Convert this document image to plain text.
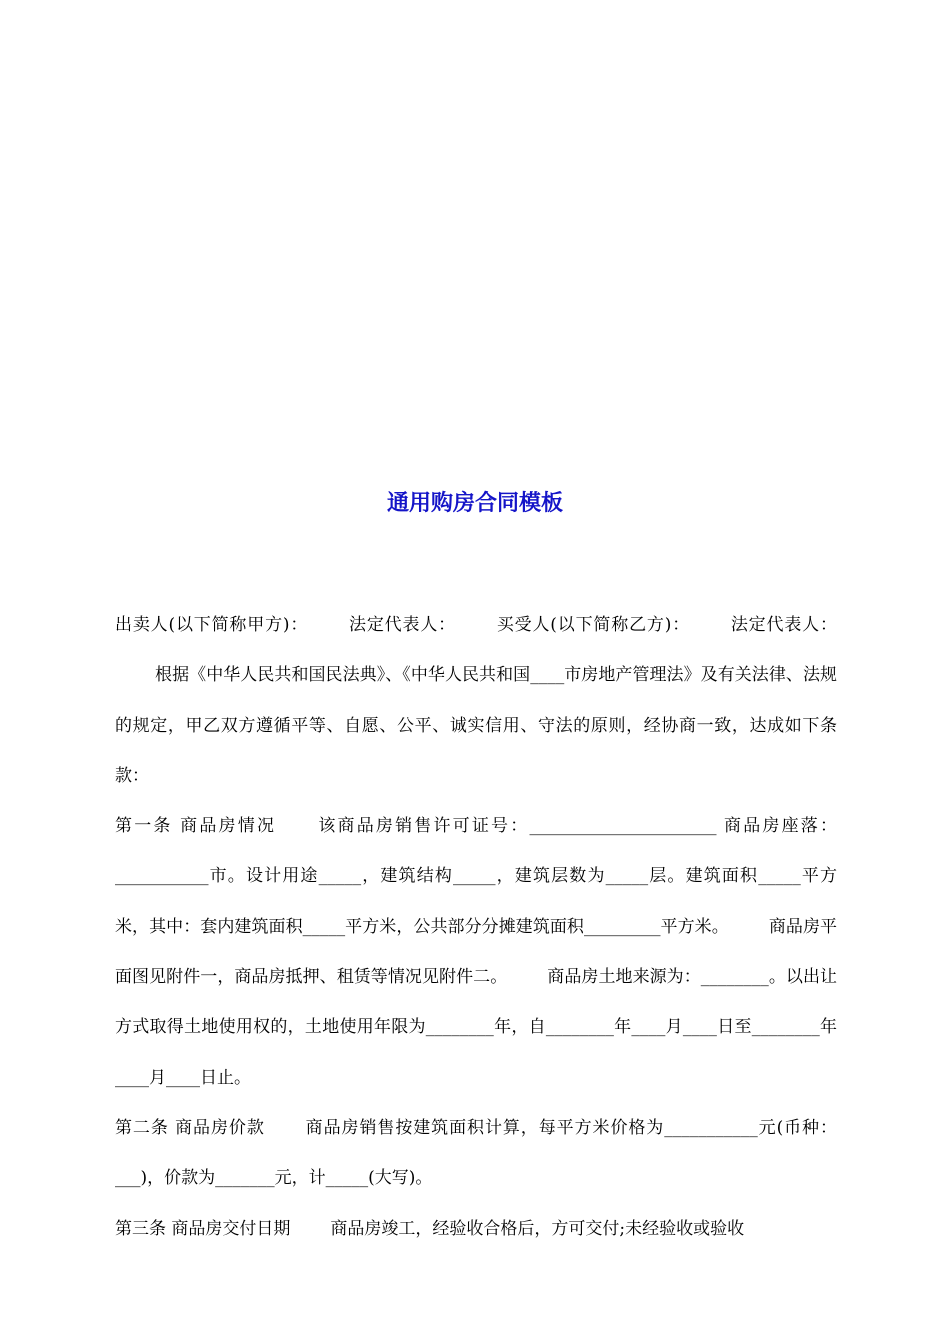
通用购房合同模板

出卖人(以下简称甲方)： 法定代表人： 买受人(以下简称乙方)： 法定代表人：根据《中华人民共和国民法典》、《中华人民共和国____市房地产管理法》及有关法律、法规的规定，甲乙双方遵循平等、自愿、公平、诚实信用、守法的原则，经协商一致，达成如下条款：

第一条 商品房情况 该商品房销售许可证号：______________________ 商品房座落：___________市。设计用途_____，建筑结构_____，建筑层数为_____层。建筑面积_____平方米，其中：套内建筑面积_____平方米，公共部分分摊建筑面积_________平方米。 商品房平面图见附件一，商品房抵押、租赁等情况见附件二。 商品房土地来源为：________。以出让方式取得土地使用权的，土地使用年限为________年，自________年____月____日至________年____月____日止。

第二条 商品房价款 商品房销售按建筑面积计算，每平方米价格为___________元(币种：___)，价款为_______元，计_____(大写)。

第三条 商品房交付日期 商品房竣工，经验收合格后，方可交付;未经验收或验收
